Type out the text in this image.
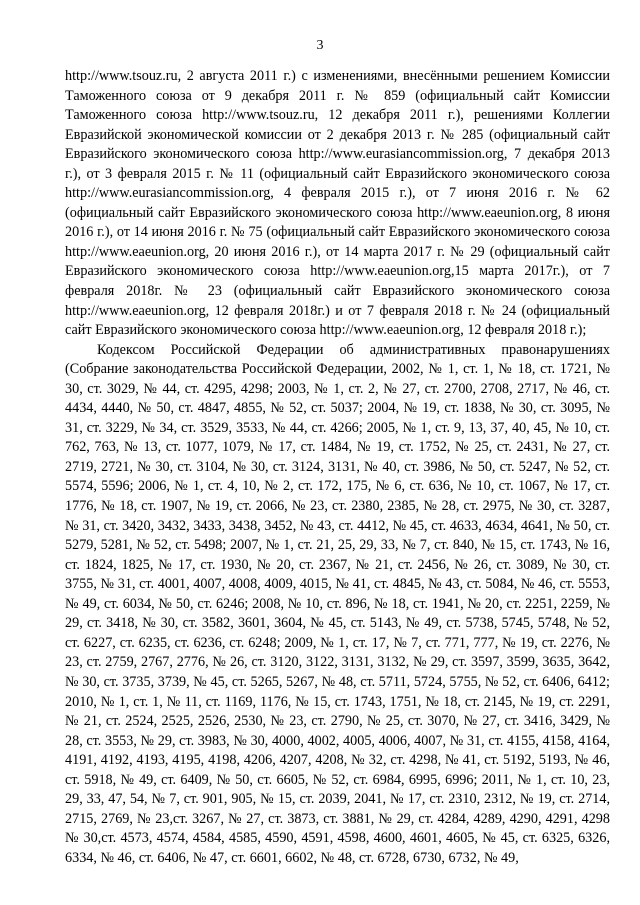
3

http://www.tsouz.ru, 2 августа 2011 г.) с изменениями, внесёнными решением Комиссии Таможенного союза от 9 декабря 2011 г. № 859 (официальный сайт Комиссии Таможенного союза http://www.tsouz.ru, 12 декабря 2011 г.), решениями Коллегии Евразийской экономической комиссии от 2 декабря 2013 г. № 285 (официальный сайт Евразийского экономического союза http://www.eurasiancommission.org, 7 декабря 2013 г.), от 3 февраля 2015 г. № 11 (официальный сайт Евразийского экономического союза http://www.eurasiancommission.org, 4 февраля 2015 г.), от 7 июня 2016 г. № 62 (официальный сайт Евразийского экономического союза http://www.eaeunion.org, 8 июня 2016 г.), от 14 июня 2016 г. № 75 (официальный сайт Евразийского экономического союза http://www.eaeunion.org, 20 июня 2016 г.), от 14 марта 2017 г. № 29 (официальный сайт Евразийского экономического союза http://www.eaeunion.org,15 марта 2017г.), от 7 февраля 2018г. № 23 (официальный сайт Евразийского экономического союза http://www.eaeunion.org, 12 февраля 2018г.) и от 7 февраля 2018 г. № 24 (официальный сайт Евразийского экономического союза http://www.eaeunion.org, 12 февраля 2018 г.);

Кодексом Российской Федерации об административных правонарушениях (Собрание законодательства Российской Федерации, 2002, № 1, ст. 1, № 18, ст. 1721, № 30, ст. 3029, № 44, ст. 4295, 4298; 2003, № 1, ст. 2, № 27, ст. 2700, 2708, 2717, № 46, ст. 4434, 4440, № 50, ст. 4847, 4855, № 52, ст. 5037; 2004, № 19, ст. 1838, № 30, ст. 3095, № 31, ст. 3229, № 34, ст. 3529, 3533, № 44, ст. 4266; 2005, № 1, ст. 9, 13, 37, 40, 45, № 10, ст. 762, 763, № 13, ст. 1077, 1079, № 17, ст. 1484, № 19, ст. 1752, № 25, ст. 2431, № 27, ст. 2719, 2721, № 30, ст. 3104, № 30, ст. 3124, 3131, № 40, ст. 3986, № 50, ст. 5247, № 52, ст. 5574, 5596; 2006, № 1, ст. 4, 10, № 2, ст. 172, 175, № 6, ст. 636, № 10, ст. 1067, № 17, ст. 1776, № 18, ст. 1907, № 19, ст. 2066, № 23, ст. 2380, 2385, № 28, ст. 2975, № 30, ст. 3287, № 31, ст. 3420, 3432, 3433, 3438, 3452, № 43, ст. 4412, № 45, ст. 4633, 4634, 4641, № 50, ст. 5279, 5281, № 52, ст. 5498; 2007, № 1, ст. 21, 25, 29, 33, № 7, ст. 840, № 15, ст. 1743, № 16, ст. 1824, 1825, № 17, ст. 1930, № 20, ст. 2367, № 21, ст. 2456, № 26, ст. 3089, № 30, ст. 3755, № 31, ст. 4001, 4007, 4008, 4009, 4015, № 41, ст. 4845, № 43, ст. 5084, № 46, ст. 5553, № 49, ст. 6034, № 50, ст. 6246; 2008, № 10, ст. 896, № 18, ст. 1941, № 20, ст. 2251, 2259, № 29, ст. 3418, № 30, ст. 3582, 3601, 3604, № 45, ст. 5143, № 49, ст. 5738, 5745, 5748, № 52, ст. 6227, ст. 6235, ст. 6236, ст. 6248; 2009, № 1, ст. 17, № 7, ст. 771, 777, № 19, ст. 2276, № 23, ст. 2759, 2767, 2776, № 26, ст. 3120, 3122, 3131, 3132, № 29, ст. 3597, 3599, 3635, 3642, № 30, ст. 3735, 3739, № 45, ст. 5265, 5267, № 48, ст. 5711, 5724, 5755, № 52, ст. 6406, 6412; 2010, № 1, ст. 1, № 11, ст. 1169, 1176, № 15, ст. 1743, 1751, № 18, ст. 2145, № 19, ст. 2291, № 21, ст. 2524, 2525, 2526, 2530, № 23, ст. 2790, № 25, ст. 3070, № 27, ст. 3416, 3429, № 28, ст. 3553, № 29, ст. 3983, № 30, 4000, 4002, 4005, 4006, 4007, № 31, ст. 4155, 4158, 4164, 4191, 4192, 4193, 4195, 4198, 4206, 4207, 4208, № 32, ст. 4298, № 41, ст. 5192, 5193, № 46, ст. 5918, № 49, ст. 6409, № 50, ст. 6605, № 52, ст. 6984, 6995, 6996; 2011, № 1, ст. 10, 23, 29, 33, 47, 54, № 7, ст. 901, 905, № 15, ст. 2039, 2041, № 17, ст. 2310, 2312, № 19, ст. 2714, 2715, 2769, № 23,ст. 3267, № 27, ст. 3873, ст. 3881, № 29, ст. 4284, 4289, 4290, 4291, 4298 № 30,ст. 4573, 4574, 4584, 4585, 4590, 4591, 4598, 4600, 4601, 4605, № 45, ст. 6325, 6326, 6334, № 46, ст. 6406, № 47, ст. 6601, 6602, № 48, ст. 6728, 6730, 6732, № 49,
